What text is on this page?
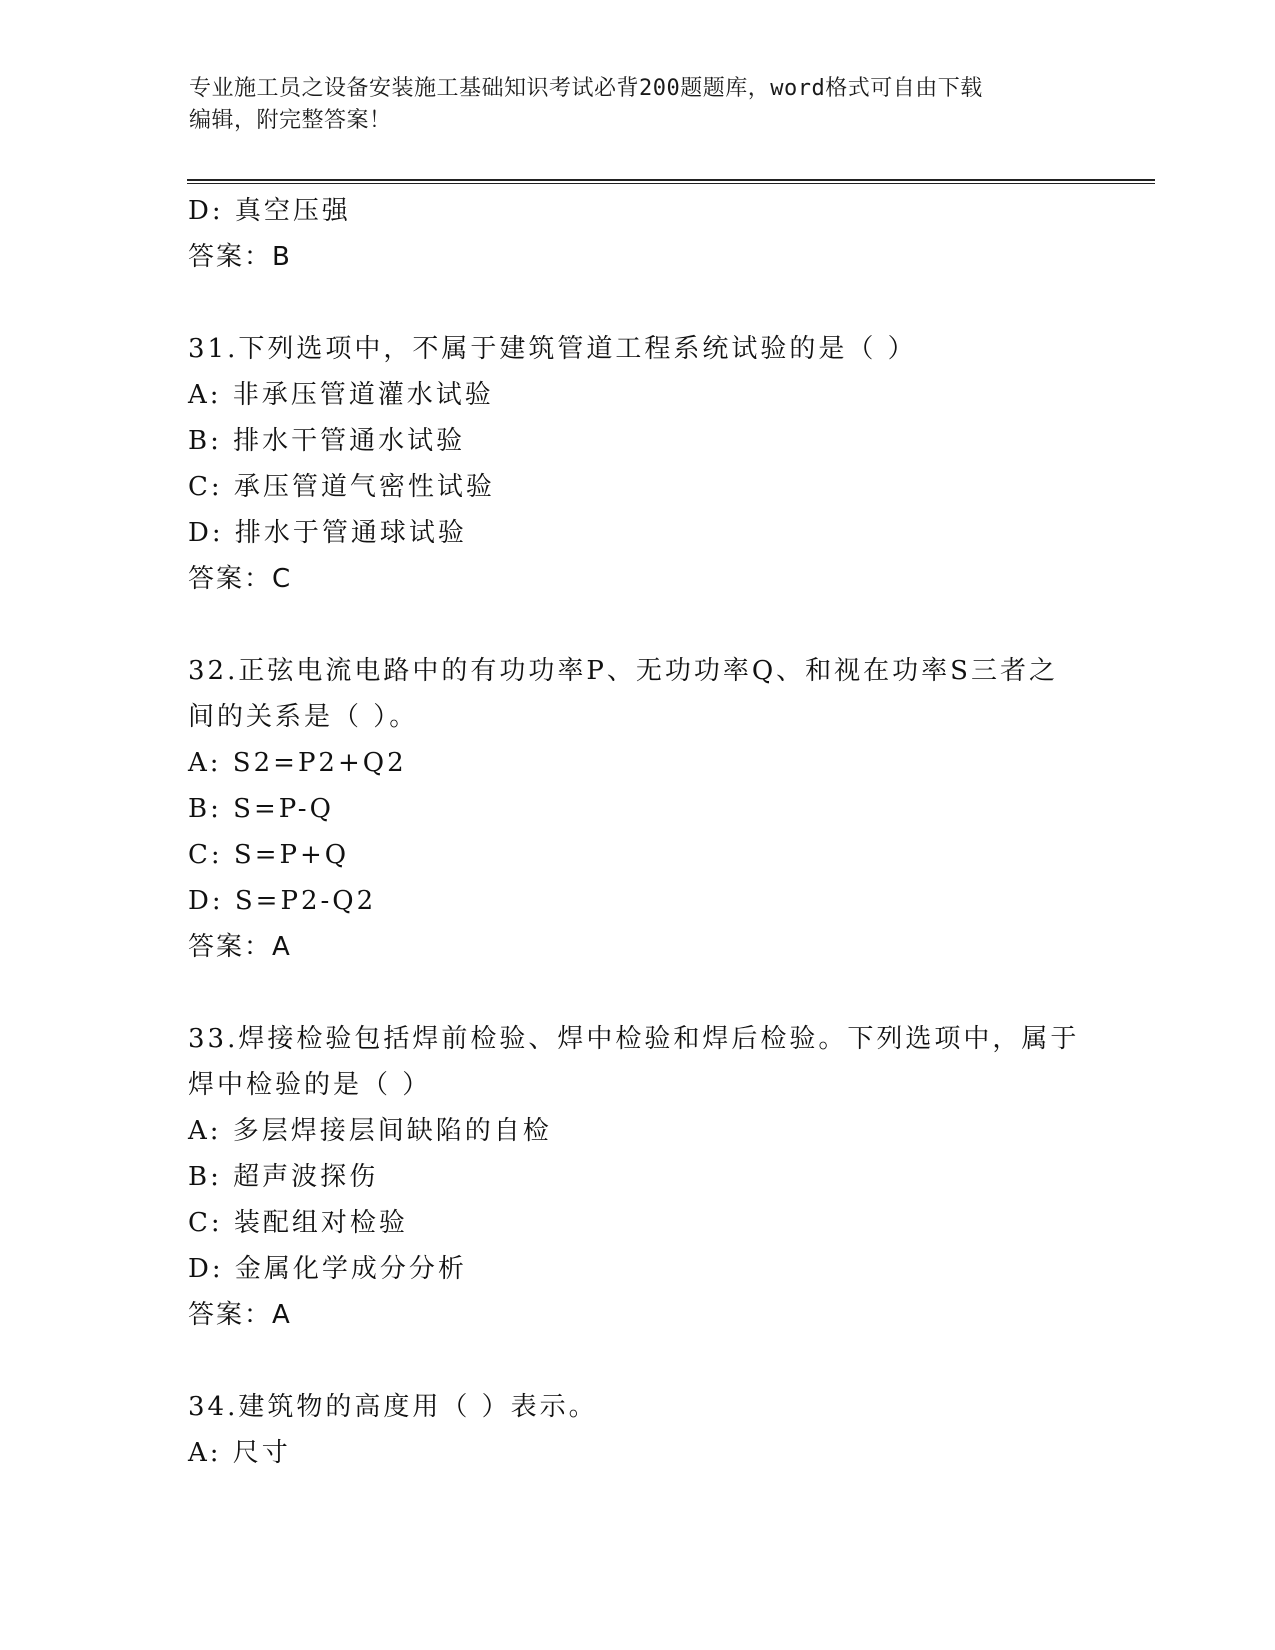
专业施工员之设备安装施工基础知识考试必背200题题库，word格式可自由下载
编辑，附完整答案！
D: 真空压强
答案：B
31.下列选项中，不属于建筑管道工程系统试验的是（ ）
A: 非承压管道灌水试验
B: 排水干管通水试验
C: 承压管道气密性试验
D: 排水于管通球试验
答案：C
32.正弦电流电路中的有功功率P、无功功率Q、和视在功率S三者之
间的关系是（ ）。
A: S2=P2+Q2
B: S=P-Q
C: S=P+Q
D: S=P2-Q2
答案：A
33.焊接检验包括焊前检验、焊中检验和焊后检验。下列选项中，属于
焊中检验的是（ ）
A: 多层焊接层间缺陷的自检
B: 超声波探伤
C: 装配组对检验
D: 金属化学成分分析
答案：A
34.建筑物的高度用（ ）表示。
A: 尺寸
